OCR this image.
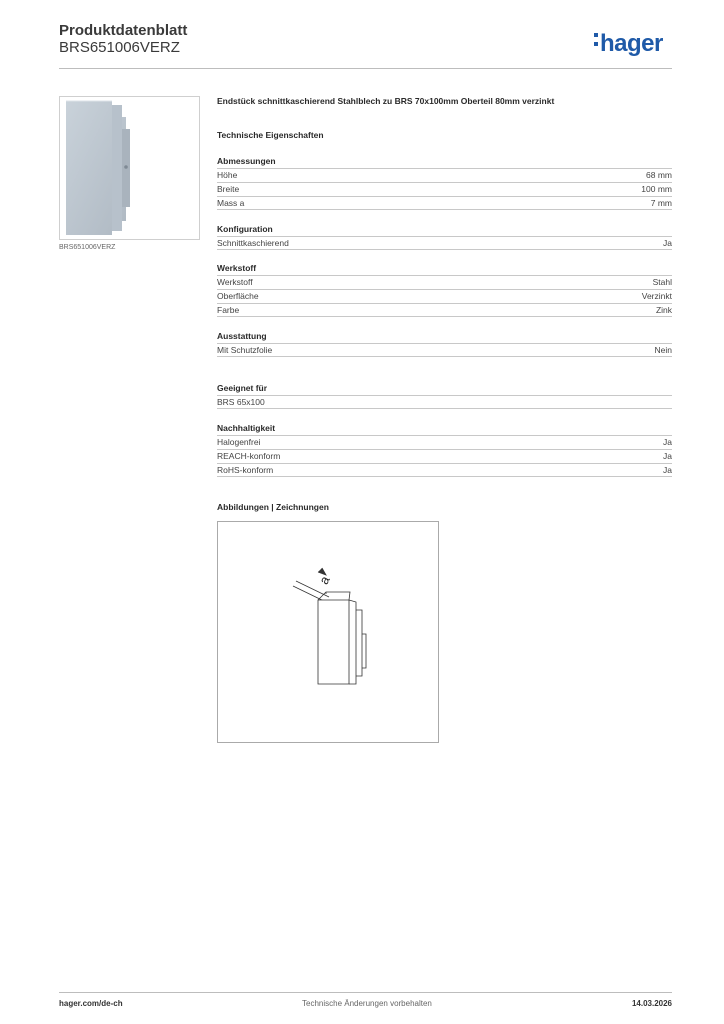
Produktdatenblatt
BRS651006VERZ	hager
BRS651006VERZ
Endstück schnittkaschierend Stahlblech zu BRS 70x100mm Oberteil 80mm verzinkt
Technische Eigenschaften
Abmessungen
Höhe	68 mm
Breite	100 mm
Mass a	7 mm
Konfiguration
Schnittkaschierend	Ja
Werkstoff
Werkstoff	Stahl
Oberfläche	Verzinkt
Farbe	Zink
Ausstattung
Mit Schutzfolie	Nein
Geeignet für
BRS 65x100
Nachhaltigkeit
Halogenfrei	Ja
REACH-konform	Ja
RoHS-konform	Ja
Abbildungen | Zeichnungen
a
hager.com/de-ch	Technische Änderungen vorbehalten	14.03.2026
